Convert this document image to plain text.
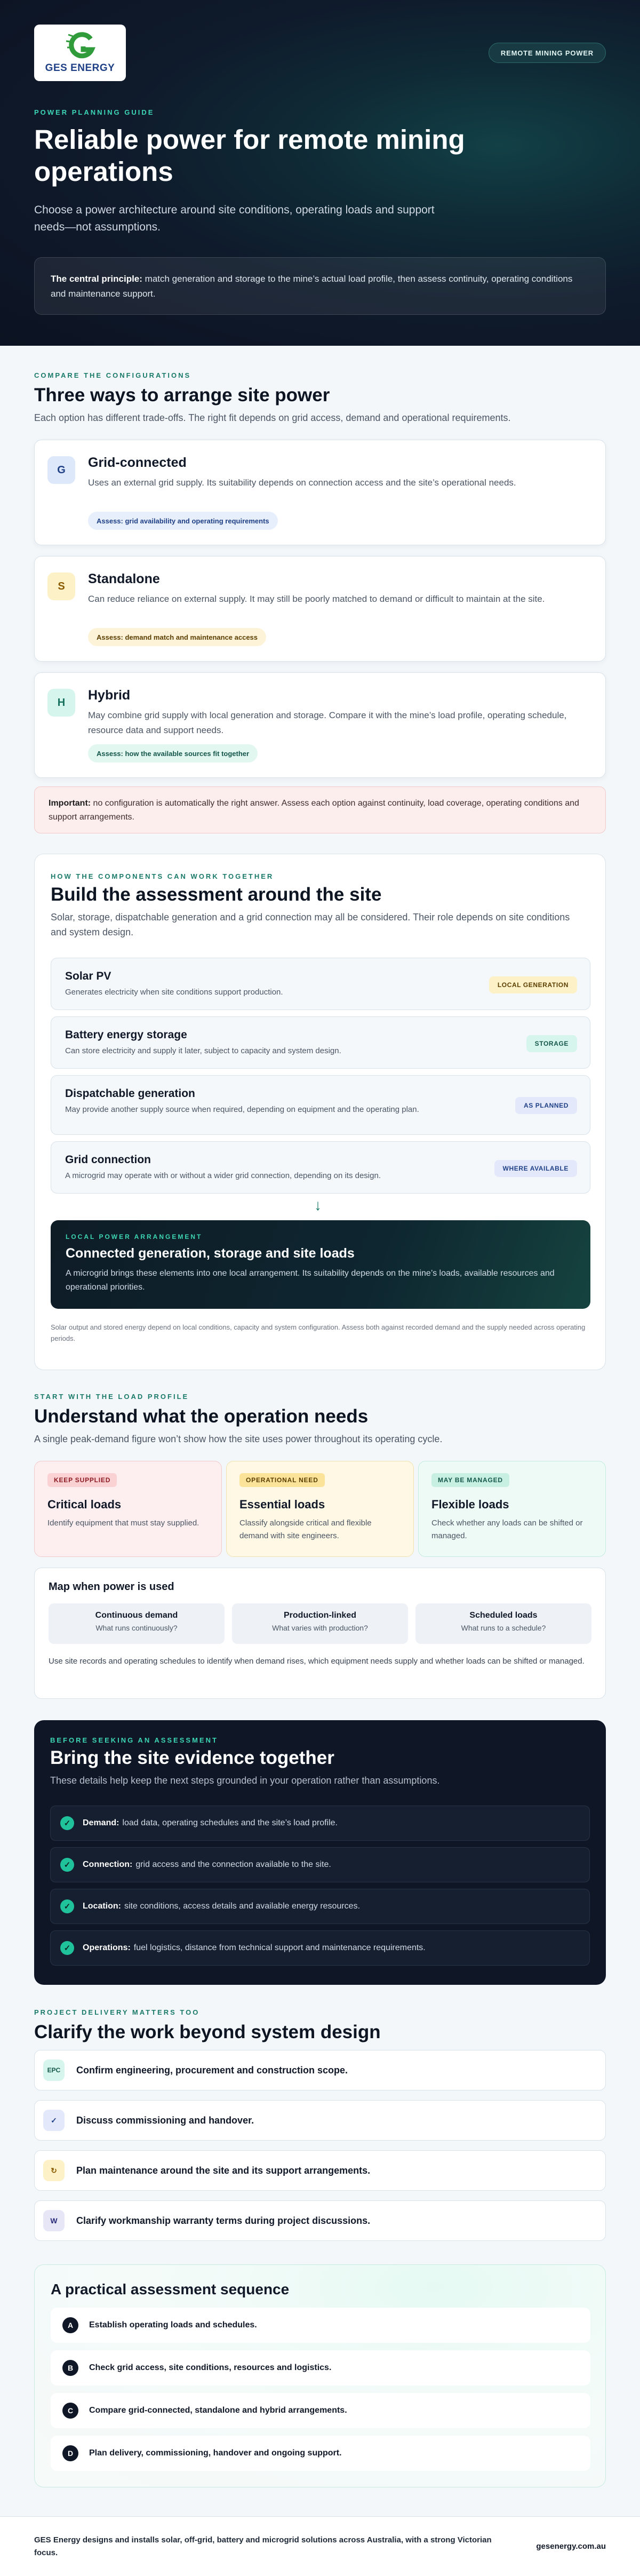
GES ENERGY
REMOTE MINING POWER
POWER PLANNING GUIDE
Reliable power for remote mining operations

Choose a power architecture around site conditions, operating loads and support needs—not assumptions.

The central principle: match generation and storage to the mine’s actual load profile, then assess continuity, operating conditions and maintenance support.
COMPARE THE CONFIGURATIONS
Three ways to arrange site power

Each option has different trade-offs. The right fit depends on grid access, demand and operational requirements.

G	Grid-connected

Uses an external grid supply. Its suitability depends on connection access and the site’s operational needs.

Assess: grid availability and operating requirements
S	Standalone

Can reduce reliance on external supply. It may still be poorly matched to demand or difficult to maintain at the site.

Assess: demand match and maintenance access
H	Hybrid

May combine grid supply with local generation and storage. Compare it with the mine’s load profile, operating schedule, resource data and support needs.

Assess: how the available sources fit together
Important: no configuration is automatically the right answer. Assess each option against continuity, load coverage, operating conditions and support arrangements.
HOW THE COMPONENTS CAN WORK TOGETHER
Build the assessment around the site

Solar, storage, dispatchable generation and a grid connection may all be considered. Their role depends on site conditions and system design.

Solar PV

Generates electricity when site conditions support production.

LOCAL GENERATION
Battery energy storage

Can store electricity and supply it later, subject to capacity and system design.

STORAGE
Dispatchable generation

May provide another supply source when required, depending on equipment and the operating plan.	AS PLANNED
Grid connection

A microgrid may operate with or without a wider grid connection, depending on its design.

WHERE AVAILABLE
↓
LOCAL POWER ARRANGEMENT
Connected generation, storage and site loads

A microgrid brings these elements into one local arrangement. Its suitability depends on the mine’s loads, available resources and operational priorities.

Solar output and stored energy depend on local conditions, capacity and system configuration. Assess both against recorded demand and the supply needed across operating periods.

START WITH THE LOAD PROFILE
Understand what the operation needs

A single peak-demand figure won’t show how the site uses power throughout its operating cycle.

KEEP SUPPLIED
Critical loads

Identify equipment that must stay supplied.

OPERATIONAL NEED
Essential loads

Classify alongside critical and flexible demand with site engineers.

MAY BE MANAGED
Flexible loads

Check whether any loads can be shifted or managed.

Map when power is used
Continuous demand
What runs continuously?
Production-linked
What varies with production?
Scheduled loads
What runs to a schedule?

Use site records and operating schedules to identify when demand rises, which equipment needs supply and whether loads can be shifted or managed.

BEFORE SEEKING AN ASSESSMENT
Bring the site evidence together

These details help keep the next steps grounded in your operation rather than assumptions.

✓	Demand: load data, operating schedules and the site’s load profile.
✓	Connection: grid access and the connection available to the site.
✓	Location: site conditions, access details and available energy resources.
✓	Operations: fuel logistics, distance from technical support and maintenance requirements.
PROJECT DELIVERY MATTERS TOO
Clarify the work beyond system design
EPC	Confirm engineering, procurement and construction scope.
✓	Discuss commissioning and handover.
↻	Plan maintenance around the site and its support arrangements.
W	Clarify workmanship warranty terms during project discussions.
A practical assessment sequence
A	Establish operating loads and schedules.
B	Check grid access, site conditions, resources and logistics.
C	Compare grid-connected, standalone and hybrid arrangements.
D	Plan delivery, commissioning, handover and ongoing support.

GES Energy designs and installs solar, off-grid, battery and microgrid solutions across Australia, with a strong Victorian focus.

gesenergy.com.au
